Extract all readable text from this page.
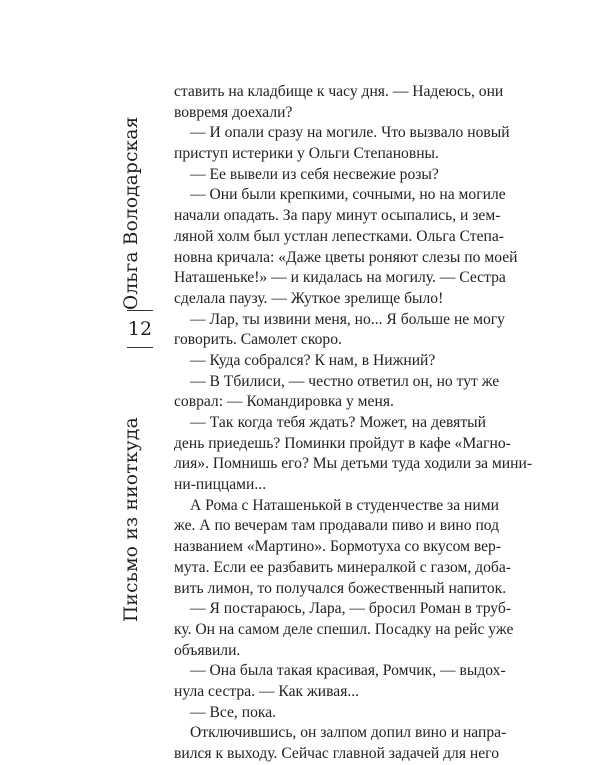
Ольга Володарская
12
Письмо из ниоткуда
ставить на кладбище к часу дня. — Надеюсь, они
вовремя доехали?
— И опали сразу на могиле. Что вызвало новый
приступ истерики у Ольги Степановны.
— Ее вывели из себя несвежие розы?
— Они были крепкими, сочными, но на могиле
начали опадать. За пару минут осыпались, и зем-
ляной холм был устлан лепестками. Ольга Степа-
новна кричала: «Даже цветы роняют слезы по моей
Наташеньке!» — и кидалась на могилу. — Сестра
сделала паузу. — Жуткое зрелище было!
— Лар, ты извини меня, но... Я больше не могу
говорить. Самолет скоро.
— Куда собрался? К нам, в Нижний?
— В Тбилиси, — честно ответил он, но тут же
соврал: — Командировка у меня.
— Так когда тебя ждать? Может, на девятый
день приедешь? Поминки пройдут в кафе «Магно-
лия». Помнишь его? Мы детьми туда ходили за мини-
ни-пиццами...
А Рома с Наташенькой в студенчестве за ними
же. А по вечерам там продавали пиво и вино под
названием «Мартино». Бормотуха со вкусом вер-
мута. Если ее разбавить минералкой с газом, доба-
вить лимон, то получался божественный напиток.
— Я постараюсь, Лара, — бросил Роман в труб-
ку. Он на самом деле спешил. Посадку на рейс уже
объявили.
— Она была такая красивая, Ромчик, — выдох-
нула сестра. — Как живая...
— Все, пока.
Отключившись, он залпом допил вино и напра-
вился к выходу. Сейчас главной задачей для него
